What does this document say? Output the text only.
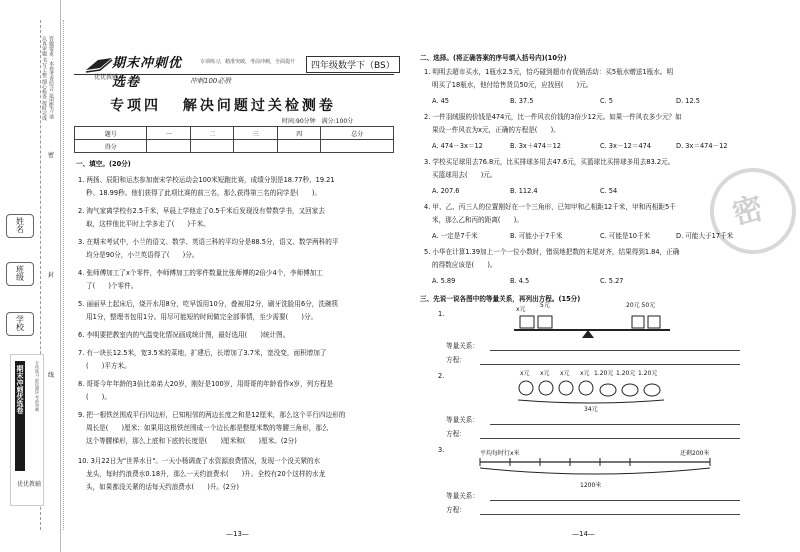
答题要求：本卷考查综合 运用能力 请认真审题 书写工整 细心检查 按时完成
姓名
班级
学校
密
封
线
期末冲刺优选卷	专项练习 阶段测评 考前冲刺
优优教辅
期末冲刺优选卷
优优教辅
专项练习，精准突破，考前冲刺，全面提升	四年级数学下（BS）
冲刺100必胜
专项四 解决问题过关检测卷
时间:90分钟　满分:100分
题号	一	二	三	四	总分
得分					
一、填空。(20分)
1. 两扬、辰阳和运杰参加南宋学校运动会100米短跑比赛，成绩分别是18.77秒、19.21
秒、18.99秒。他们获得了此项比赛的前三名，那么获得第三名的同学是(　　)。
2. 淘气家离学校有2.5千米，早晨上学他走了0.5千米后发现没有带数学书，又回家去
取，这样他比平时上学多走了(　　)千米。
3. 在期末考试中，小兰的语文、数学、英语三科的平均分是88.5分，语文、数学两科的平
均分是90分，小兰英语得了(　　)分。
4. 张师傅加工了x个零件，李师傅加工的零件数量比张师傅的2倍少4个，李师傅加工
了(　　)个零件。
5. 丽丽早上起床后，烧开水用8分，吃早饭用10分，叠被用2分，刷牙洗脸用6分，洗碗筷
用1分，整理书包用1分。用尽可能短的时间做完全部事情，至少需要(　　)分。
6. 李明要把教室内的气温变化情况画成统计图，最好选用(　　)统计图。
7. 有一块长12.5米，宽3.5米的菜地，扩建后，长增加了3.7米，宽没变，面积增加了
(　　)平方米。
8. 哥哥今年年龄的3倍比弟弟大20岁，刚好是100岁，用哥哥的年龄看作x岁，列方程是
(　　)。
9. 把一根铁丝围成平行四边形，已知相邻的两边长度之和是12厘米，那么这个平行四边形的
周长是(　　)厘米；如果用这根铁丝围成一个边长都是整厘米数的等腰三角形，那么
这个等腰梯形，那么上底和下底的长度是(　　)厘米和(　　)厘米。(2分)
10. 3月22日为"世界水日"。一天小杨调查了水资源浪费情况，发现一个没关紧的水
龙头，每时约浪费水0.18升，那么一天约浪费水(　　)升。全校有20个这样的水龙
头，如果都没关紧的话每天约浪费水(　　)升。(2分)
—13—
密
二、选择。(将正确答案的序号填入括号内)(10分)
1. 明明去超市买水，1瓶水2.5元，恰巧碰到超市有促销活动：买5瓶水赠送1瓶水。明
明买了18瓶水，他付给售货员50元，应找回(　　)元。
A. 45	B. 37.5	C. 5	D. 12.5
2. 一件羽绒服的价钱是474元，比一件风衣价钱的3倍少12元。如果一件风衣多少元？如
果设一件风衣为x元，正确的方程是(　　)。
A. 474－3x＝12	B. 3x＋474＝12	C. 3x－12＝474	D. 3x＝474－12
3. 学校买足球用去76.8元，比买排球多用去47.6元，买篮球比买排球多用去83.2元。
买篮球用去(　　)元。
A. 207.6	B. 112.4	C. 54
4. 甲、乙、丙三人的位置刚好在一个三角形，已知甲和乙相距12千米，甲和丙相距5千
米，那么乙和丙的距离(　　)。
A. 一定是7千米	B. 可能小于7千米	C. 可能是10千米	D. 可能大于17千米
5. 小华在计算1.39加上一个一位小数时，错误地把数的末尾对齐，结果得到1.84，正确
的得数应该是(　　)。
A. 5.89	B. 4.5	C. 5.27
三、先说一说各图中的等量关系，再列出方程。(15分)
1.
x元
5元	20元 50元
等量关系：
方程：
2.	x元 x元 x元 x元 1.20元 1.20元 1.20元
34元
等量关系：
方程：
3.	平均每时行x米	还剩200米
1200米
等量关系：
方程：
—14—
